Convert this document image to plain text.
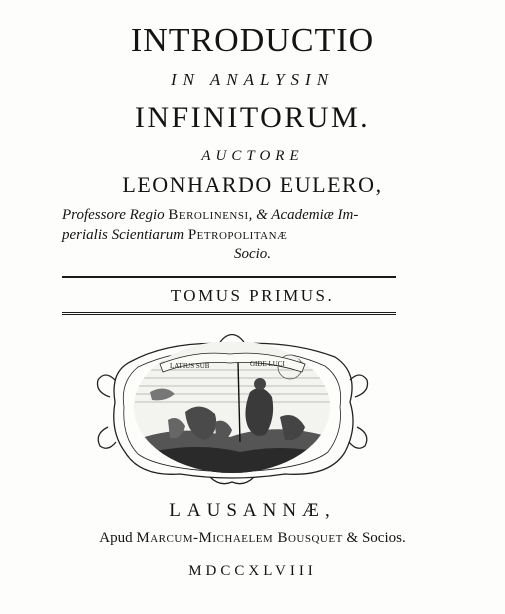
INTRODUCTIO
IN ANALYSIN
INFINITORUM.
AUCTORE
LEONHARDO EULERO,
Professore Regio Berolinensi, & Academiæ Im-
perialis Scientiarum Petropolitanæ
Socio.
TOMUS PRIMUS.
LATIUS SUB	GIDE LUCI
LAUSANNÆ,
Apud Marcum-Michaelem Bousquet & Socios.
MDCCXLVIII
